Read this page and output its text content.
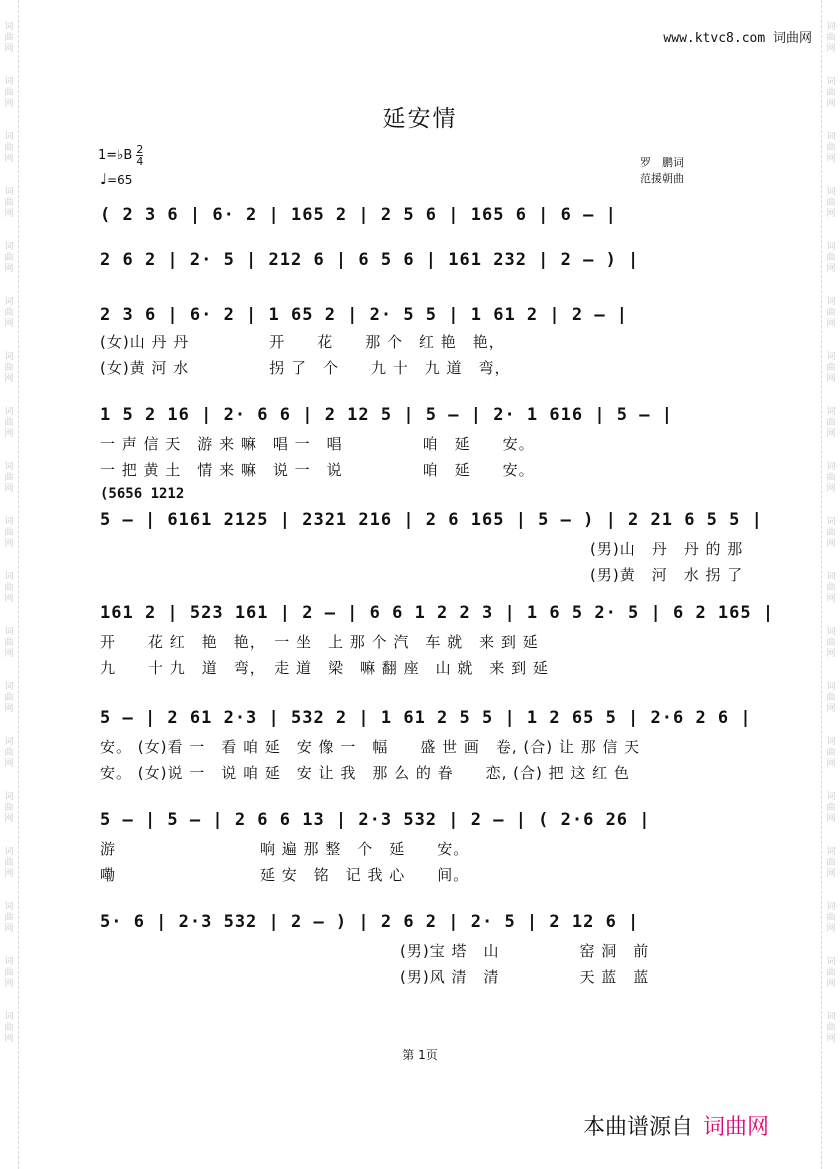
词曲网
词曲网
词曲网
词曲网
词曲网
词曲网
词曲网
词曲网
词曲网
词曲网
词曲网
词曲网
词曲网
词曲网
词曲网
词曲网
词曲网
词曲网
词曲网
词曲网
词曲网
词曲网
词曲网
词曲网
词曲网
词曲网
词曲网
词曲网
词曲网
词曲网
词曲网
词曲网
词曲网
词曲网
词曲网
词曲网
词曲网
词曲网
www.ktvc8.com 词曲网
延安情
1=♭B $\frac{2}{4}$
♩=65
罗　鹏词
范援朝曲
( 2 3 6 | 6· 2 | 165 2 | 2 5 6 | 165 6 | 6 – |
2 6 2 | 2· 5 | 212 6 | 6 5 6 | 161 232 | 2 – ) |
2 3 6 | 6· 2 | 1 65 2 | 2· 5 5 | 1 61 2 | 2 – |
(女)山 丹 丹　　　　　开　　花　　那 个　红 艳　艳，
(女)黄 河 水　　　　　拐 了　个　　九 十　九 道　弯，
1 5 2 16 | 2· 6 6 | 2 12 5 | 5 – | 2· 1 616 | 5 – |
一 声 信 天　游 来 嘛　唱 一　唱　　　　　咱　延　　安。
一 把 黄 土　情 来 嘛　说 一　说　　　　　咱　延　　安。
(5656 1212
5 – | 6161 2125 | 2321 216 | 2 6 165 | 5 – ) | 2 21 6 5 5 |
(男)山　丹　丹 的 那
(男)黄　河　水 拐 了
161 2 | 523 161 | 2 – | 6 6 1 2 2 3 | 1 6 5 2· 5 | 6 2 165 |
开　　花 红　艳　艳，　一 坐　上 那 个 汽　车 就　来 到 延
九　　十 九　道　弯，　走 道　梁　嘛 翻 座　山 就　来 到 延
5 – | 2 61 2·3 | 532 2 | 1 61 2 5 5 | 1 2 65 5 | 2·6 2 6 |
安。 (女)看 一　看 咱 延　安 像 一　幅　　盛 世 画　卷, (合) 让 那 信 天
安。 (女)说 一　说 咱 延　安 让 我　那 么 的 眷　　恋, (合) 把 这 红 色
5 – | 5 – | 2 6 6 13 | 2·3 532 | 2 – | ( 2·6 26 |
游　　　　　　　　　响 遍 那 整　个　延　　安。
嘞　　　　　　　　　延 安　铭　记 我 心　　间。
5· 6 | 2·3 532 | 2 – ) | 2 6 2 | 2· 5 | 2 12 6 |
(男)宝 塔　山　　　　　窑 洞　前
(男)风 清　清　　　　　天 蓝　蓝
第 1页
本曲谱源自 词曲网
